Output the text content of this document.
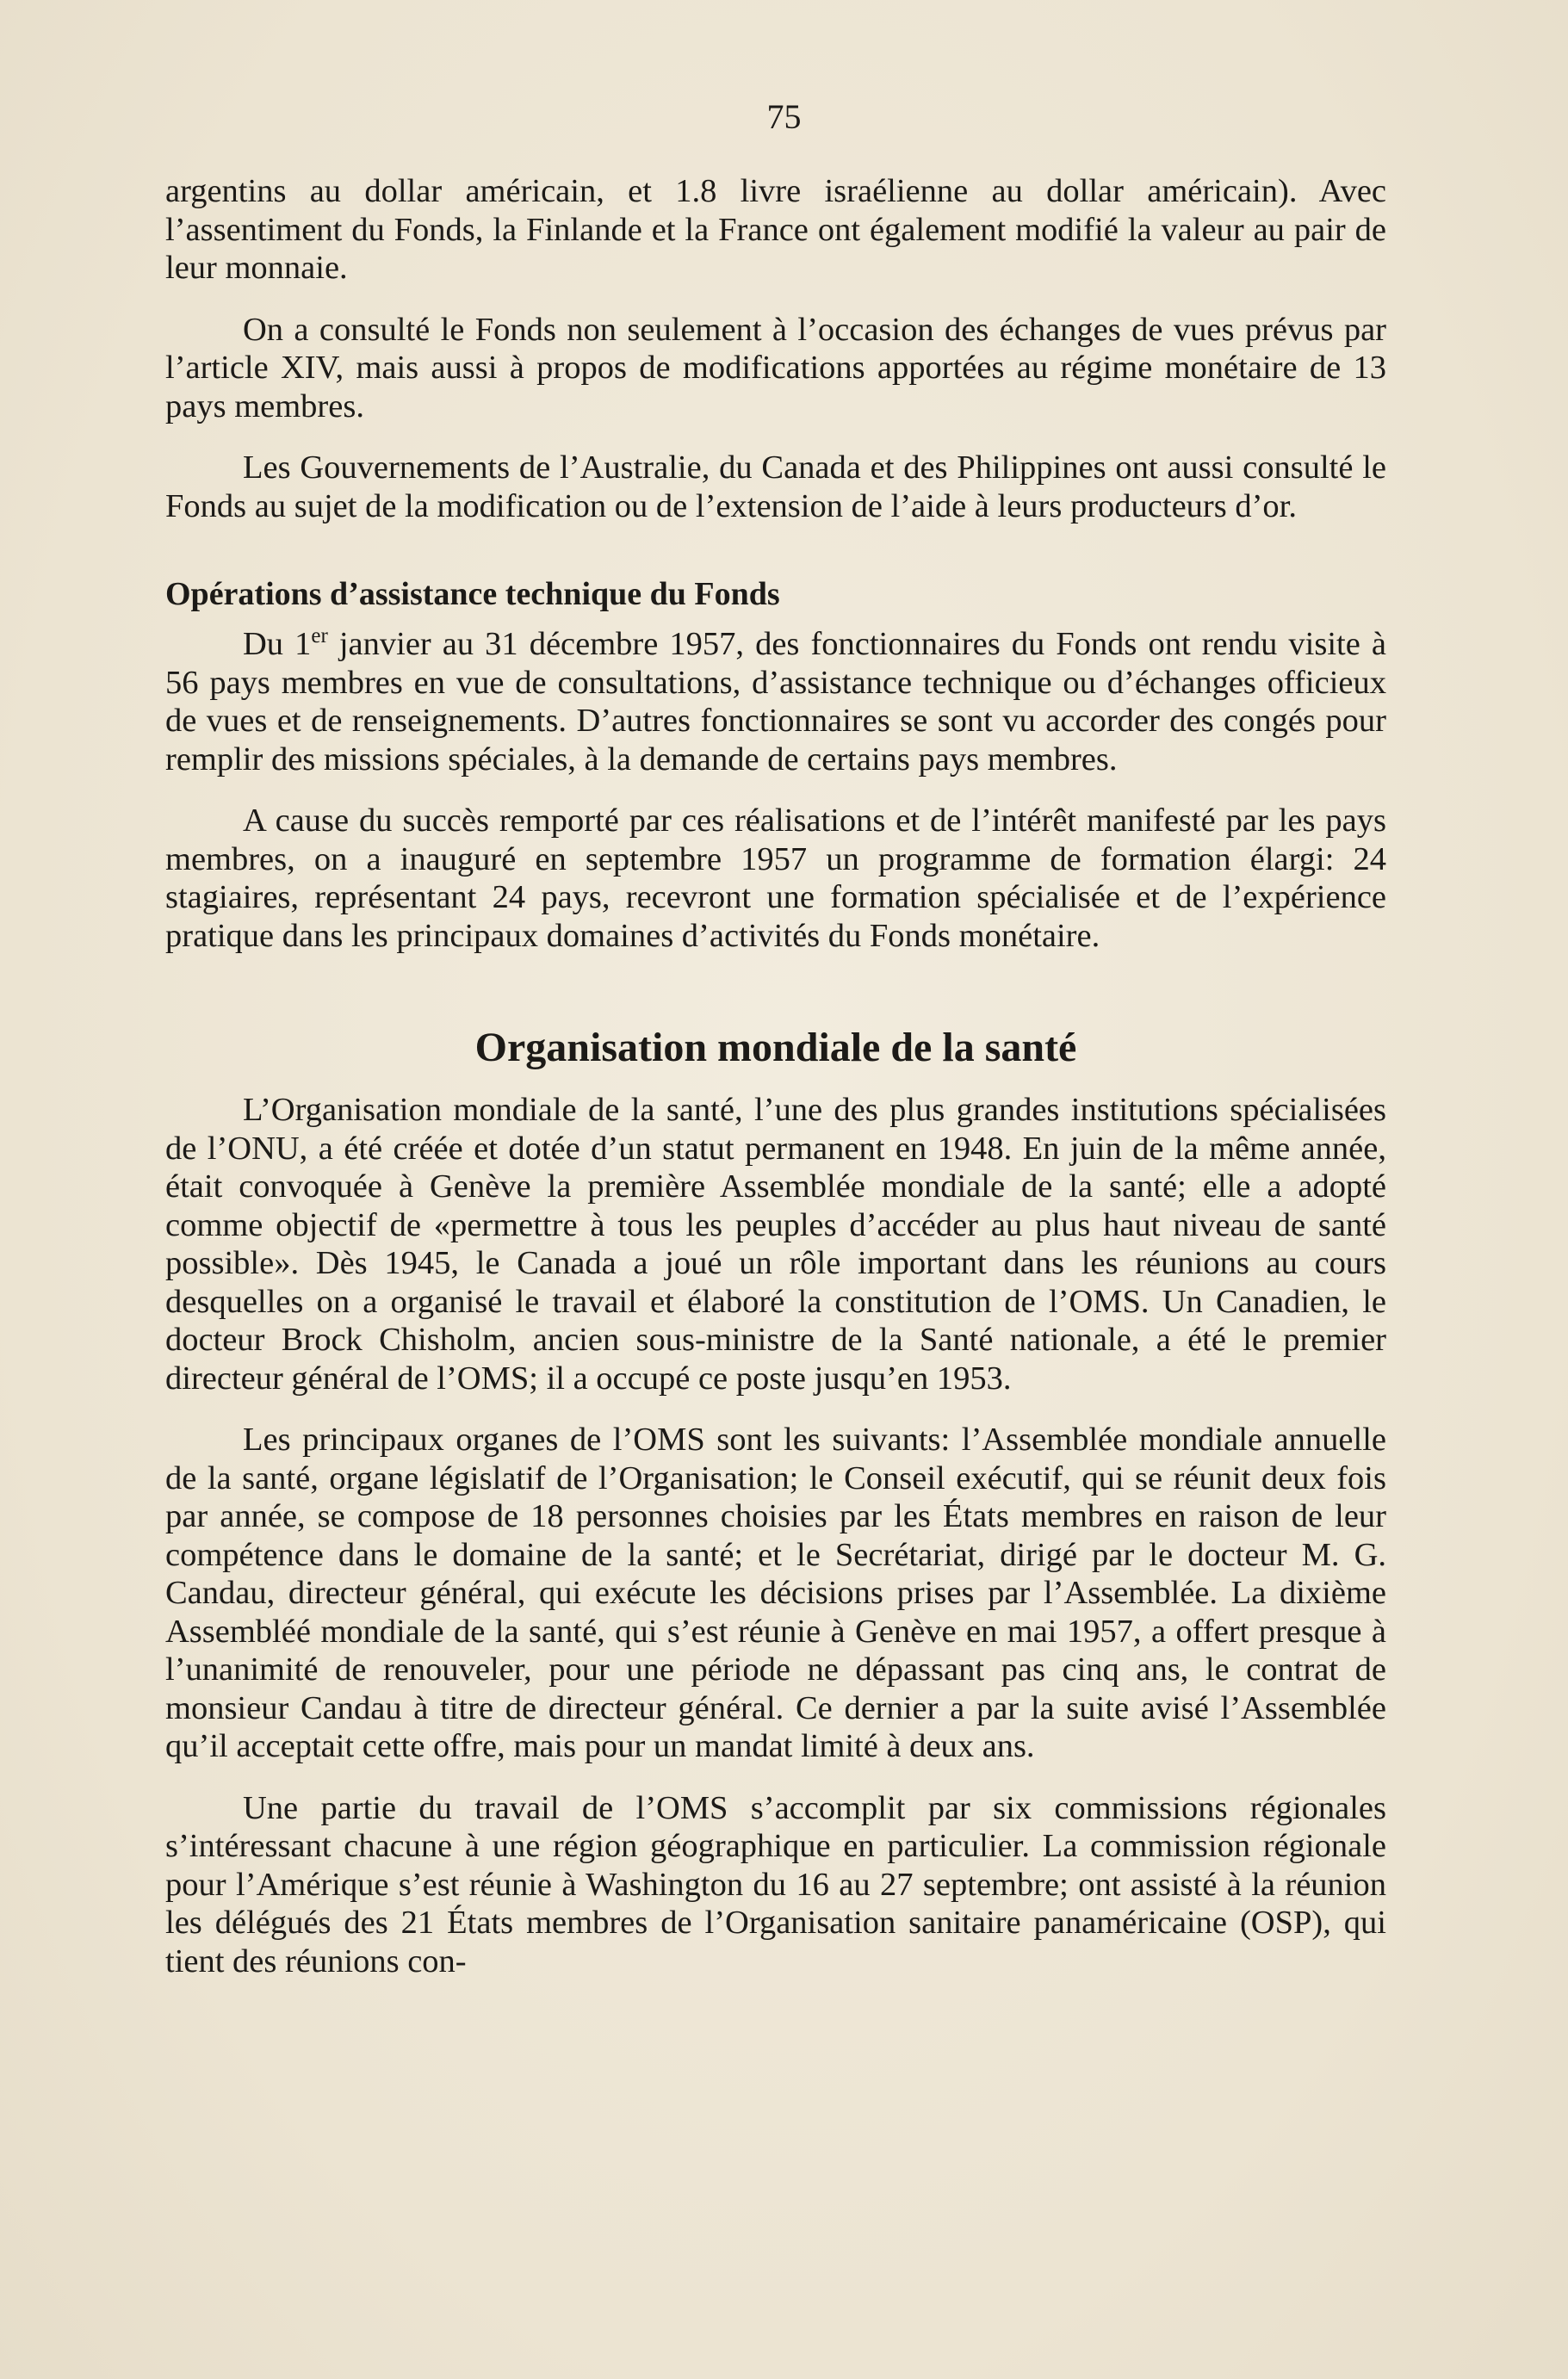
75

argentins au dollar américain, et 1.8 livre israélienne au dollar américain). Avec l’assentiment du Fonds, la Finlande et la France ont également modifié la valeur au pair de leur monnaie.

On a consulté le Fonds non seulement à l’occasion des échanges de vues prévus par l’article XIV, mais aussi à propos de modifications apportées au régime monétaire de 13 pays membres.

Les Gouvernements de l’Australie, du Canada et des Philippines ont aussi consulté le Fonds au sujet de la modification ou de l’extension de l’aide à leurs producteurs d’or.

Opérations d’assistance technique du Fonds

Du 1er janvier au 31 décembre 1957, des fonctionnaires du Fonds ont rendu visite à 56 pays membres en vue de consultations, d’assistance technique ou d’échanges officieux de vues et de renseignements. D’autres fonctionnaires se sont vu accorder des congés pour remplir des missions spéciales, à la demande de certains pays membres.

A cause du succès remporté par ces réalisations et de l’intérêt manifesté par les pays membres, on a inauguré en septembre 1957 un programme de formation élargi: 24 stagiaires, représentant 24 pays, recevront une formation spécialisée et de l’expérience pratique dans les principaux domaines d’activités du Fonds monétaire.

Organisation mondiale de la santé

L’Organisation mondiale de la santé, l’une des plus grandes institutions spécialisées de l’ONU, a été créée et dotée d’un statut permanent en 1948. En juin de la même année, était convoquée à Genève la première Assemblée mondiale de la santé; elle a adopté comme objectif de «permettre à tous les peuples d’accéder au plus haut niveau de santé possible». Dès 1945, le Canada a joué un rôle important dans les réunions au cours desquelles on a organisé le travail et élaboré la constitution de l’OMS. Un Canadien, le docteur Brock Chisholm, ancien sous-ministre de la Santé nationale, a été le premier directeur général de l’OMS; il a occupé ce poste jusqu’en 1953.

Les principaux organes de l’OMS sont les suivants: l’Assemblée mondiale annuelle de la santé, organe législatif de l’Organisation; le Conseil exécutif, qui se réunit deux fois par année, se compose de 18 personnes choisies par les États membres en raison de leur compétence dans le domaine de la santé; et le Secrétariat, dirigé par le docteur M. G. Candau, directeur général, qui exécute les décisions prises par l’Assemblée. La dixième Assembléé mondiale de la santé, qui s’est réunie à Genève en mai 1957, a offert presque à l’unanimité de renouveler, pour une période ne dépassant pas cinq ans, le contrat de monsieur Candau à titre de directeur général. Ce dernier a par la suite avisé l’Assemblée qu’il acceptait cette offre, mais pour un mandat limité à deux ans.

Une partie du travail de l’OMS s’accomplit par six commissions régionales s’intéressant chacune à une région géographique en particulier. La commission régionale pour l’Amérique s’est réunie à Washington du 16 au 27 septembre; ont assisté à la réunion les délégués des 21 États membres de l’Organisation sanitaire panaméricaine (OSP), qui tient des réunions con-
